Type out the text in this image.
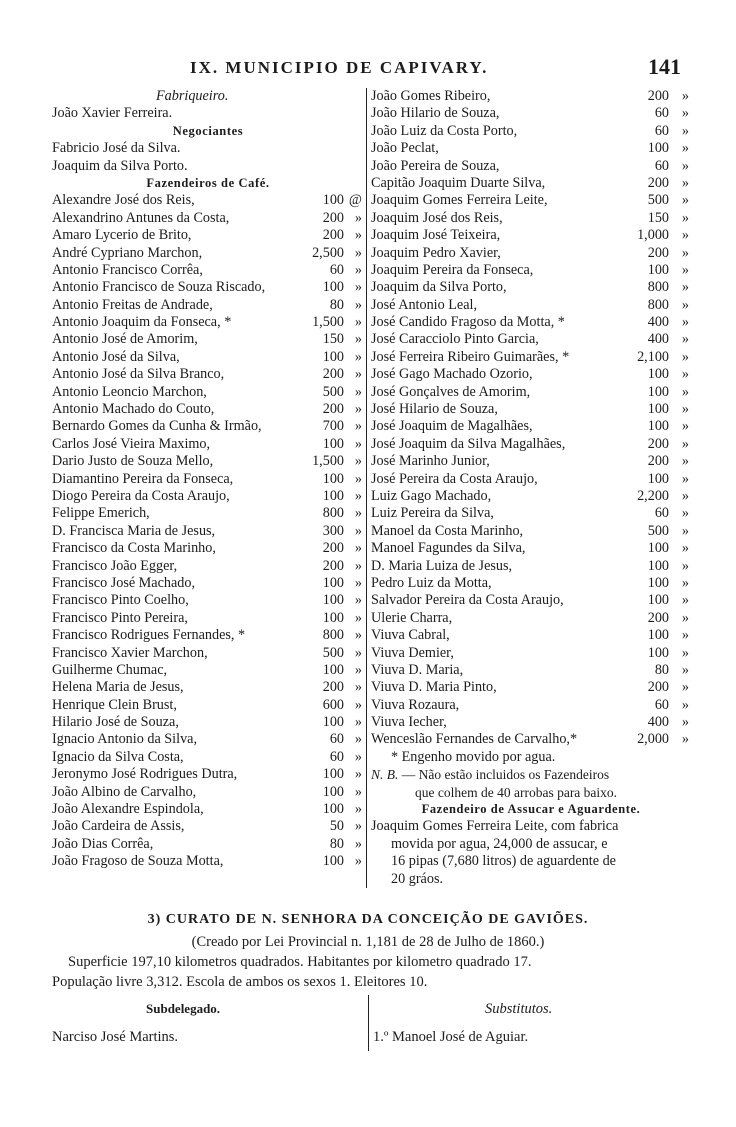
IX. MUNICIPIO DE CAPIVARY.	141
Fabriqueiro.
João Xavier Ferreira.
Negociantes
Fabricio José da Silva.
Joaquim da Silva Porto.
Fazendeiros de Café.
Alexandre José dos Reis,	100 @
Alexandrino Antunes da Costa,	200 »
Amaro Lycerio de Brito,	200 »
André Cypriano Marchon,	2,500 »
Antonio Francisco Corrêa,	60 »
Antonio Francisco de Souza Riscado,	100 »
Antonio Freitas de Andrade,	80 »
Antonio Joaquim da Fonseca, *	1,500 »
Antonio José de Amorim,	150 »
Antonio José da Silva,	100 »
Antonio José da Silva Branco,	200 »
Antonio Leoncio Marchon,	500 »
Antonio Machado do Couto,	200 »
Bernardo Gomes da Cunha & Irmão,	700 »
Carlos José Vieira Maximo,	100 »
Dario Justo de Souza Mello,	1,500 »
Diamantino Pereira da Fonseca,	100 »
Diogo Pereira da Costa Araujo,	100 »
Felippe Emerich,	800 »
D. Francisca Maria de Jesus,	300 »
Francisco da Costa Marinho,	200 »
Francisco João Egger,	200 »
Francisco José Machado,	100 »
Francisco Pinto Coelho,	100 »
Francisco Pinto Pereira,	100 »
Francisco Rodrigues Fernandes, *	800 »
Francisco Xavier Marchon,	500 »
Guilherme Chumac,	100 »
Helena Maria de Jesus,	200 »
Henrique Clein Brust,	600 »
Hilario José de Souza,	100 »
Ignacio Antonio da Silva,	60 »
Ignacio da Silva Costa,	60 »
Jeronymo José Rodrigues Dutra,	100 »
João Albino de Carvalho,	100 »
João Alexandre Espindola,	100 »
João Cardeira de Assis,	50 »
João Dias Corrêa,	80 »
João Fragoso de Souza Motta,	100 »
João Gomes Ribeiro,	200 »
João Hilario de Souza,	60 »
João Luiz da Costa Porto,	60 »
João Peclat,	100 »
João Pereira de Souza,	60 »
Capitão Joaquim Duarte Silva,	200 »
Joaquim Gomes Ferreira Leite,	500 »
Joaquim José dos Reis,	150 »
Joaquim José Teixeira,	1,000 »
Joaquim Pedro Xavier,	200 »
Joaquim Pereira da Fonseca,	100 »
Joaquim da Silva Porto,	800 »
José Antonio Leal,	800 »
José Candido Fragoso da Motta, *	400 »
José Caracciolo Pinto Garcia,	400 »
José Ferreira Ribeiro Guimarães, *	2,100 »
José Gago Machado Ozorio,	100 »
José Gonçalves de Amorim,	100 »
José Hilario de Souza,	100 »
José Joaquim de Magalhães,	100 »
José Joaquim da Silva Magalhães,	200 »
José Marinho Junior,	200 »
José Pereira da Costa Araujo,	100 »
Luiz Gago Machado,	2,200 »
Luiz Pereira da Silva,	60 »
Manoel da Costa Marinho,	500 »
Manoel Fagundes da Silva,	100 »
D. Maria Luiza de Jesus,	100 »
Pedro Luiz da Motta,	100 »
Salvador Pereira da Costa Araujo,	100 »
Ulerie Charra,	200 »
Viuva Cabral,	100 »
Viuva Demier,	100 »
Viuva D. Maria,	80 »
Viuva D. Maria Pinto,	200 »
Viuva Rozaura,	60 »
Viuva Iecher,	400 »
Wenceslão Fernandes de Carvalho,*	2,000 »
* Engenho movido por agua.
N. B. — Não estão incluidos os Fazendeiros
que colhem de 40 arrobas para baixo.
Fazendeiro de Assucar e Aguardente.
Joaquim Gomes Ferreira Leite, com fabrica
movida por agua, 24,000 de assucar, e
16 pipas (7,680 litros) de aguardente de
20 gráos.
3) CURATO DE N. SENHORA DA CONCEIÇÃO DE GAVIÕES.
(Creado por Lei Provincial n. 1,181 de 28 de Julho de 1860.)
Superficie 197,10 kilometros quadrados. Habitantes por kilometro quadrado 17.
População livre 3,312. Escola de ambos os sexos 1. Eleitores 10.
Subdelegado.
Narciso José Martins.
Substitutos.
1.º Manoel José de Aguiar.
